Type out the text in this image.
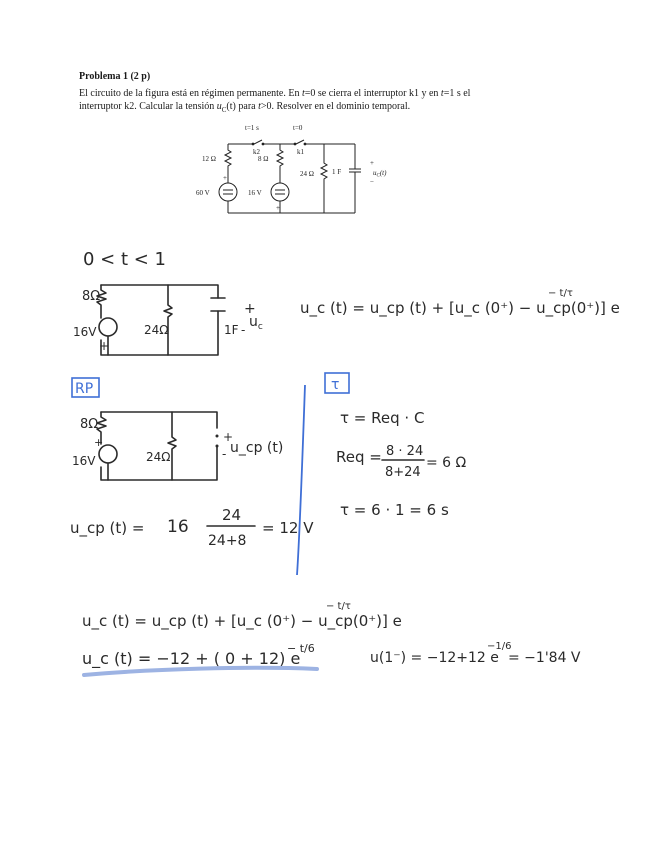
Problema 1 (2 p)
El circuito de la figura está en régimen permanente. En t=0 se cierra el interruptor k1 y en t=1 s el
interruptor k2. Calcular la tensión $u_C(t)$ para t>0. Resolver en el dominio temporal.
t=1 s
k2
t=0
k1
12 Ω
+
60 V
8 Ω
+
16 V
24 Ω	1 F
+
−
$u_C(t)$
0 < t < 1
8Ω
16V
+
24Ω	1F
+
$u_c$
-
u_c (t) = u_cp (t) + [u_c (0⁺) − u_cp(0⁺)] e
− t/τ
RP	τ
8Ω
+
16V	24Ω
+
u_cp (t)
-
u_cp (t) = 16
24
24+8
= 12 V
τ = Req · C
Req = 8 · 24
8+24
= 6 Ω
τ = 6 · 1 = 6 s
u_c (t) = u_cp (t) + [u_c (0⁺) − u_cp(0⁺)] e
− t/τ
u_c (t) = −12 + ( 0 + 12) e
− t/6
u(1⁻) = −12+12 e
−1/6
= −1'84 V
